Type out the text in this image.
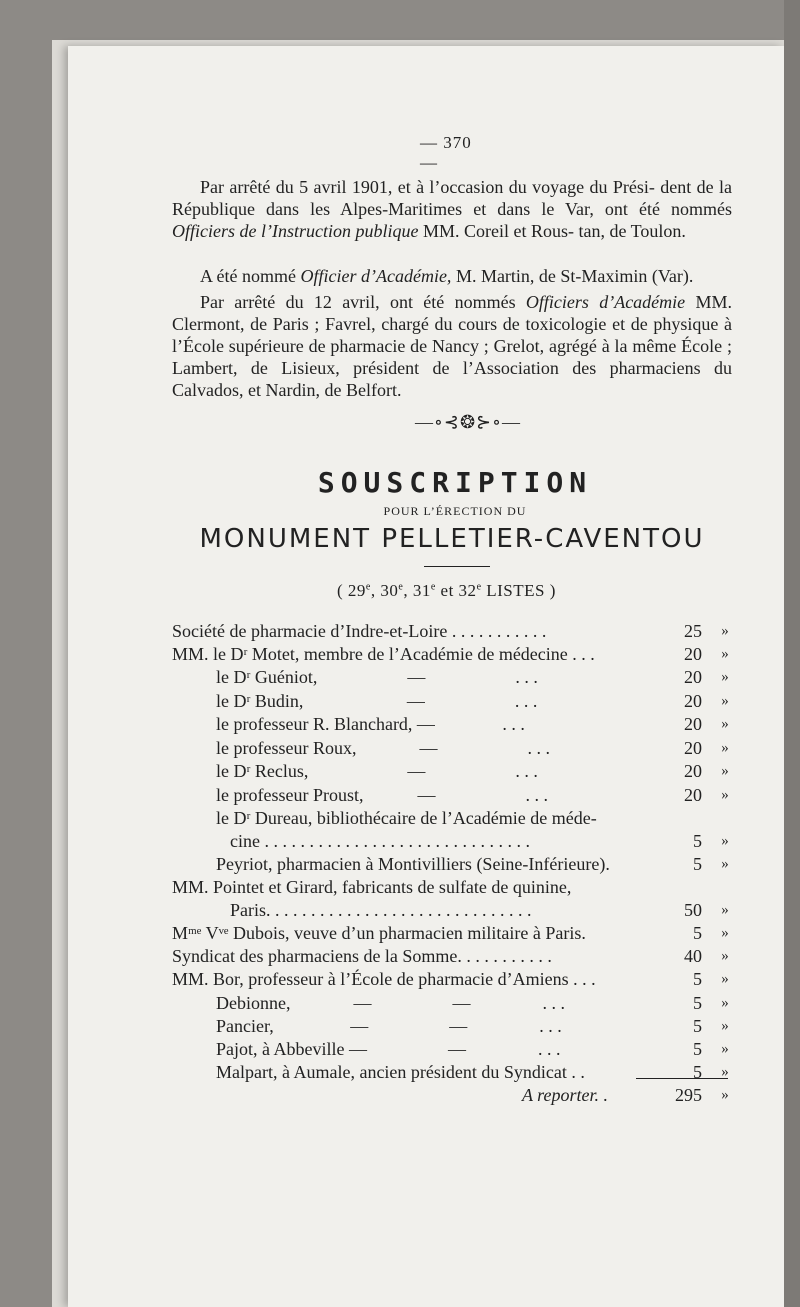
— 370 —
Par arrêté du 5 avril 1901, et à l’occasion du voyage du Prési- dent de la République dans les Alpes-Maritimes et dans le Var, ont été nommés Officiers de l’Instruction publique MM. Coreil et Rous- tan, de Toulon.
A été nommé Officier d’Académie, M. Martin, de St-Maximin (Var).
Par arrêté du 12 avril, ont été nommés Officiers d’Académie MM. Clermont, de Paris ; Favrel, chargé du cours de toxicologie et de physique à l’École supérieure de pharmacie de Nancy ; Grelot, agrégé à la même École ; Lambert, de Lisieux, président de l’Association des pharmaciens du Calvados, et Nardin, de Belfort.
—∘⊰❂⊱∘—
SOUSCRIPTION
POUR L’ÉRECTION DU
MONUMENT PELLETIER-CAVENTOU
( 29e, 30e, 31e et 32e LISTES )
Société de pharmacie d’Indre-et-Loire . . . . . . . . . . .	25 »
MM. le Dʳ Motet, membre de l’Académie de médecine . . .	20 »
le Dʳ Guéniot,                    —                    . . .	20 »
le Dʳ Budin,                       —                    . . .	20 »
le professeur R. Blanchard, —               . . .	20 »
le professeur Roux,              —                    . . .	20 »
le Dʳ Reclus,                      —                    . . .	20 »
le professeur Proust,            —                    . . .	20 »
le Dʳ Dureau, bibliothécaire de l’Académie de méde-
cine . . . . . . . . . . . . . . . . . . . . . . . . . . . . . .	5 »
Peyriot, pharmacien à Montivilliers (Seine-Inférieure).	5 »
MM. Pointet et Girard, fabricants de sulfate de quinine,
Paris. . . . . . . . . . . . . . . . . . . . . . . . . . . . . .	50 »
Mᵐᵉ Vᵛᵉ Dubois, veuve d’un pharmacien militaire à Paris.	5 »
Syndicat des pharmaciens de la Somme. . . . . . . . . . .	40 »
MM. Bor, professeur à l’École de pharmacie d’Amiens . . .	5 »
Debionne,              —                  —                . . .	5 »
Pancier,                 —                  —                . . .	5 »
Pajot, à Abbeville —                  —                . . .	5 »
Malpart, à Aumale, ancien président du Syndicat . .	5 »
A reporter. .	295 »
